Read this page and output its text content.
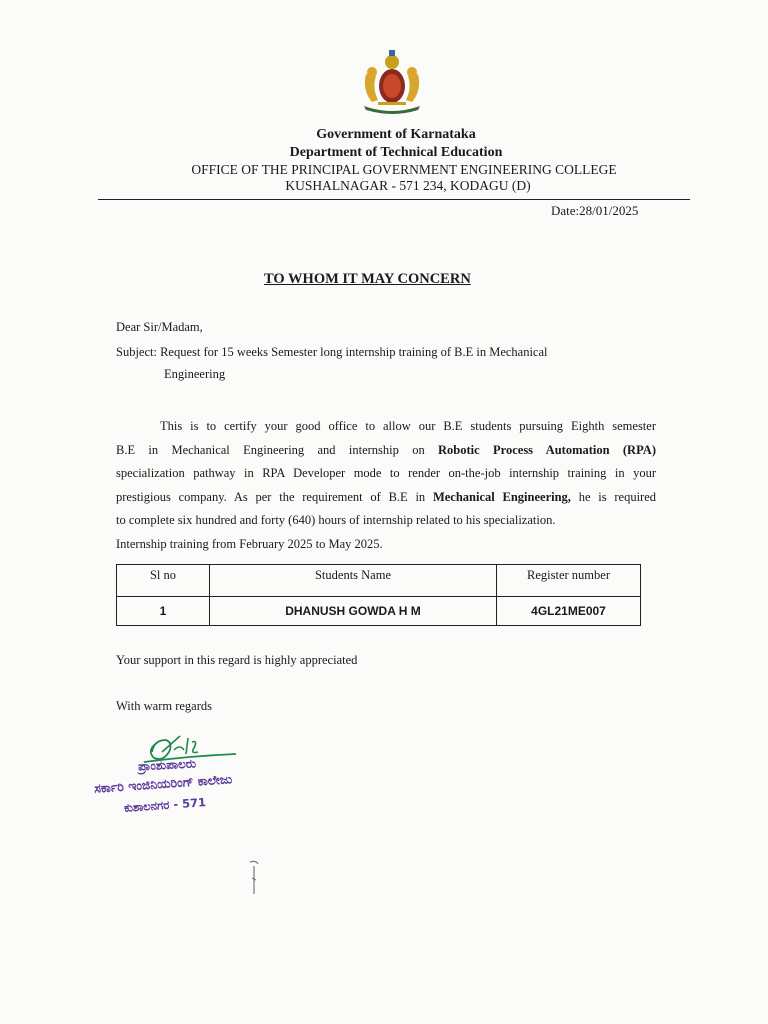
Government of Karnataka
Department of Technical Education
OFFICE OF THE PRINCIPAL GOVERNMENT ENGINEERING COLLEGE
KUSHALNAGAR - 571 234, KODAGU (D)
Date:28/01/2025
TO WHOM IT MAY CONCERN
Dear Sir/Madam,
Subject: Request for 15 weeks Semester long internship training of B.E in Mechanical
Engineering
This is to certify your good office to allow our B.E students pursuing Eighth semester
B.E in Mechanical Engineering and internship on Robotic Process Automation (RPA)
specialization pathway in RPA Developer mode to render on-the-job internship training in your
prestigious company. As per the requirement of B.E in Mechanical Engineering, he is required
to complete six hundred and forty (640) hours of internship related to his specialization.
Internship training from February 2025 to May 2025.
Sl no	Students Name	Register number
1	DHANUSH GOWDA H M	4GL21ME007
Your support in this regard is highly appreciated
With warm regards
ಪ್ರಾಂಶುಪಾಲರು
ಸರ್ಕಾರಿ ಇಂಜಿನಿಯರಿಂಗ್ ಕಾಲೇಜು
ಕುಶಾಲನಗರ - 571
